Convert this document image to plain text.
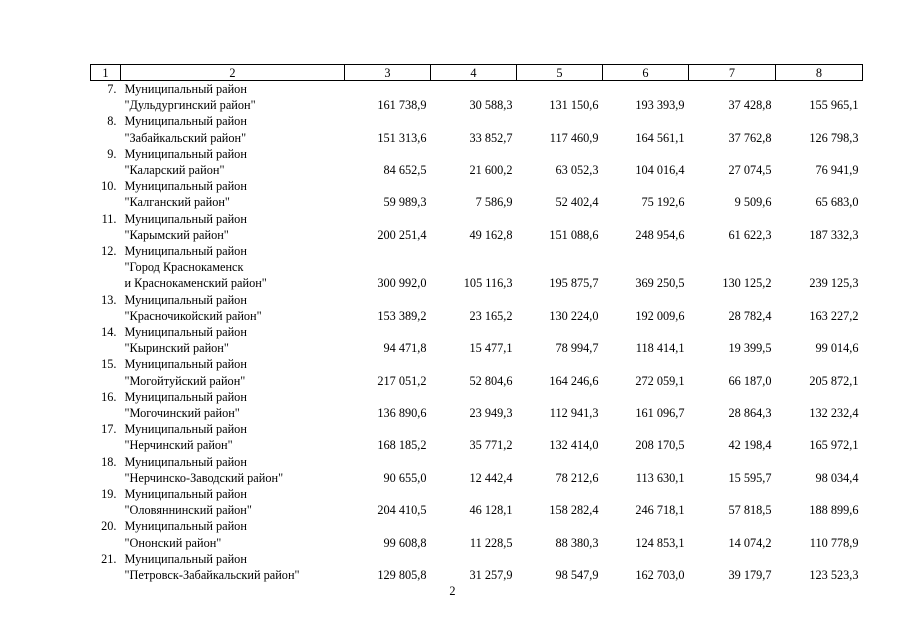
1	2	3	4	5	6	7	8
7.	Муниципальный район						
	"Дульдургинский район"	161 738,9	30 588,3	131 150,6	193 393,9	37 428,8	155 965,1
8.	Муниципальный район						
	"Забайкальский район"	151 313,6	33 852,7	117 460,9	164 561,1	37 762,8	126 798,3
9.	Муниципальный район						
	"Каларский район"	84 652,5	21 600,2	63 052,3	104 016,4	27 074,5	76 941,9
10.	Муниципальный район						
	"Калганский район"	59 989,3	7 586,9	52 402,4	75 192,6	9 509,6	65 683,0
11.	Муниципальный район						
	"Карымский район"	200 251,4	49 162,8	151 088,6	248 954,6	61 622,3	187 332,3
12.	Муниципальный район						
	"Город Краснокаменск						
	и Краснокаменский район"	300 992,0	105 116,3	195 875,7	369 250,5	130 125,2	239 125,3
13.	Муниципальный район						
	"Красночикойский район"	153 389,2	23 165,2	130 224,0	192 009,6	28 782,4	163 227,2
14.	Муниципальный район						
	"Кыринский район"	94 471,8	15 477,1	78 994,7	118 414,1	19 399,5	99 014,6
15.	Муниципальный район						
	"Могойтуйский район"	217 051,2	52 804,6	164 246,6	272 059,1	66 187,0	205 872,1
16.	Муниципальный район						
	"Могочинский район"	136 890,6	23 949,3	112 941,3	161 096,7	28 864,3	132 232,4
17.	Муниципальный район						
	"Нерчинский район"	168 185,2	35 771,2	132 414,0	208 170,5	42 198,4	165 972,1
18.	Муниципальный район						
	"Нерчинско-Заводский район"	90 655,0	12 442,4	78 212,6	113 630,1	15 595,7	98 034,4
19.	Муниципальный район						
	"Оловяннинский район"	204 410,5	46 128,1	158 282,4	246 718,1	57 818,5	188 899,6
20.	Муниципальный район						
	"Ононский район"	99 608,8	11 228,5	88 380,3	124 853,1	14 074,2	110 778,9
21.	Муниципальный район						
	"Петровск-Забайкальский район"	129 805,8	31 257,9	98 547,9	162 703,0	39 179,7	123 523,3
2
